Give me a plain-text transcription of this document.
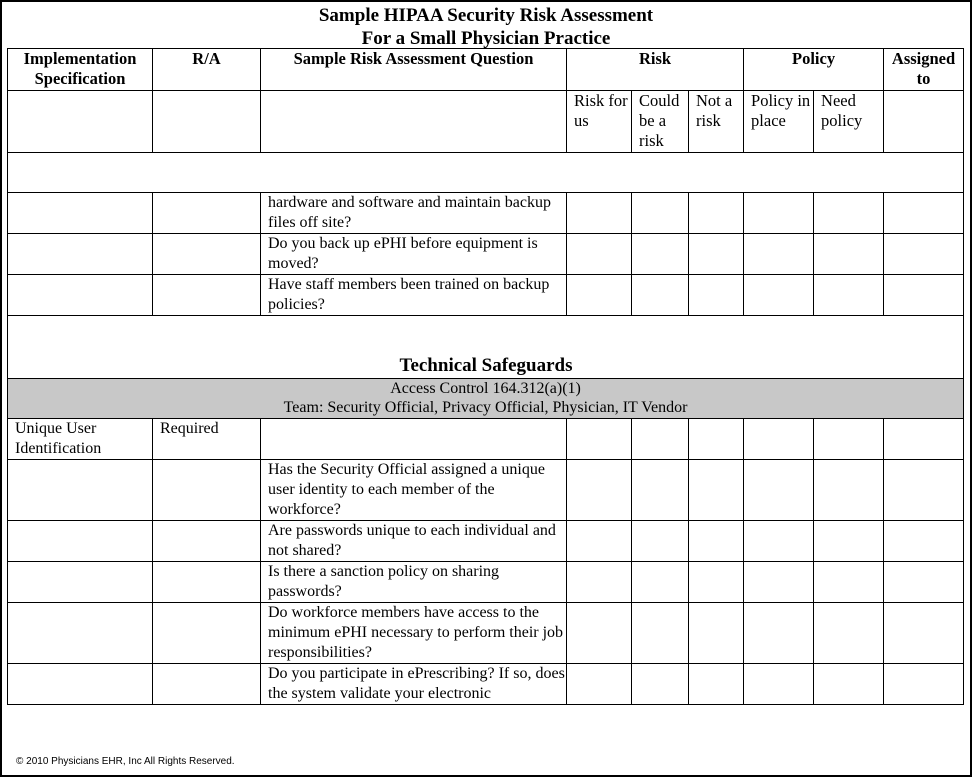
Sample HIPAA Security Risk Assessment
For a Small Physician Practice
Implementation Specification	R/A	Sample Risk Assessment Question	Risk			Policy		Assigned to
			Risk for us	Could be a risk	Not a risk	Policy in place	Need policy	
		hardware and software and maintain backup files off site?						
		Do you back up ePHI before equipment is moved?						
		Have staff members been trained on backup policies?						
Technical Safeguards
Access Control 164.312(a)(1)
Team: Security Official, Privacy Official, Physician, IT Vendor								

Unique User Identification	Required							
		Has the Security Official assigned a unique user identity to each member of the workforce?						
		Are passwords unique to each individual and not shared?						
		Is there a sanction policy on sharing passwords?						
		Do workforce members have access to the minimum ePHI necessary to perform their job responsibilities?						
		Do you participate in ePrescribing? If so, does the system validate your electronic						
© 2010 Physicians EHR, Inc All Rights Reserved.
